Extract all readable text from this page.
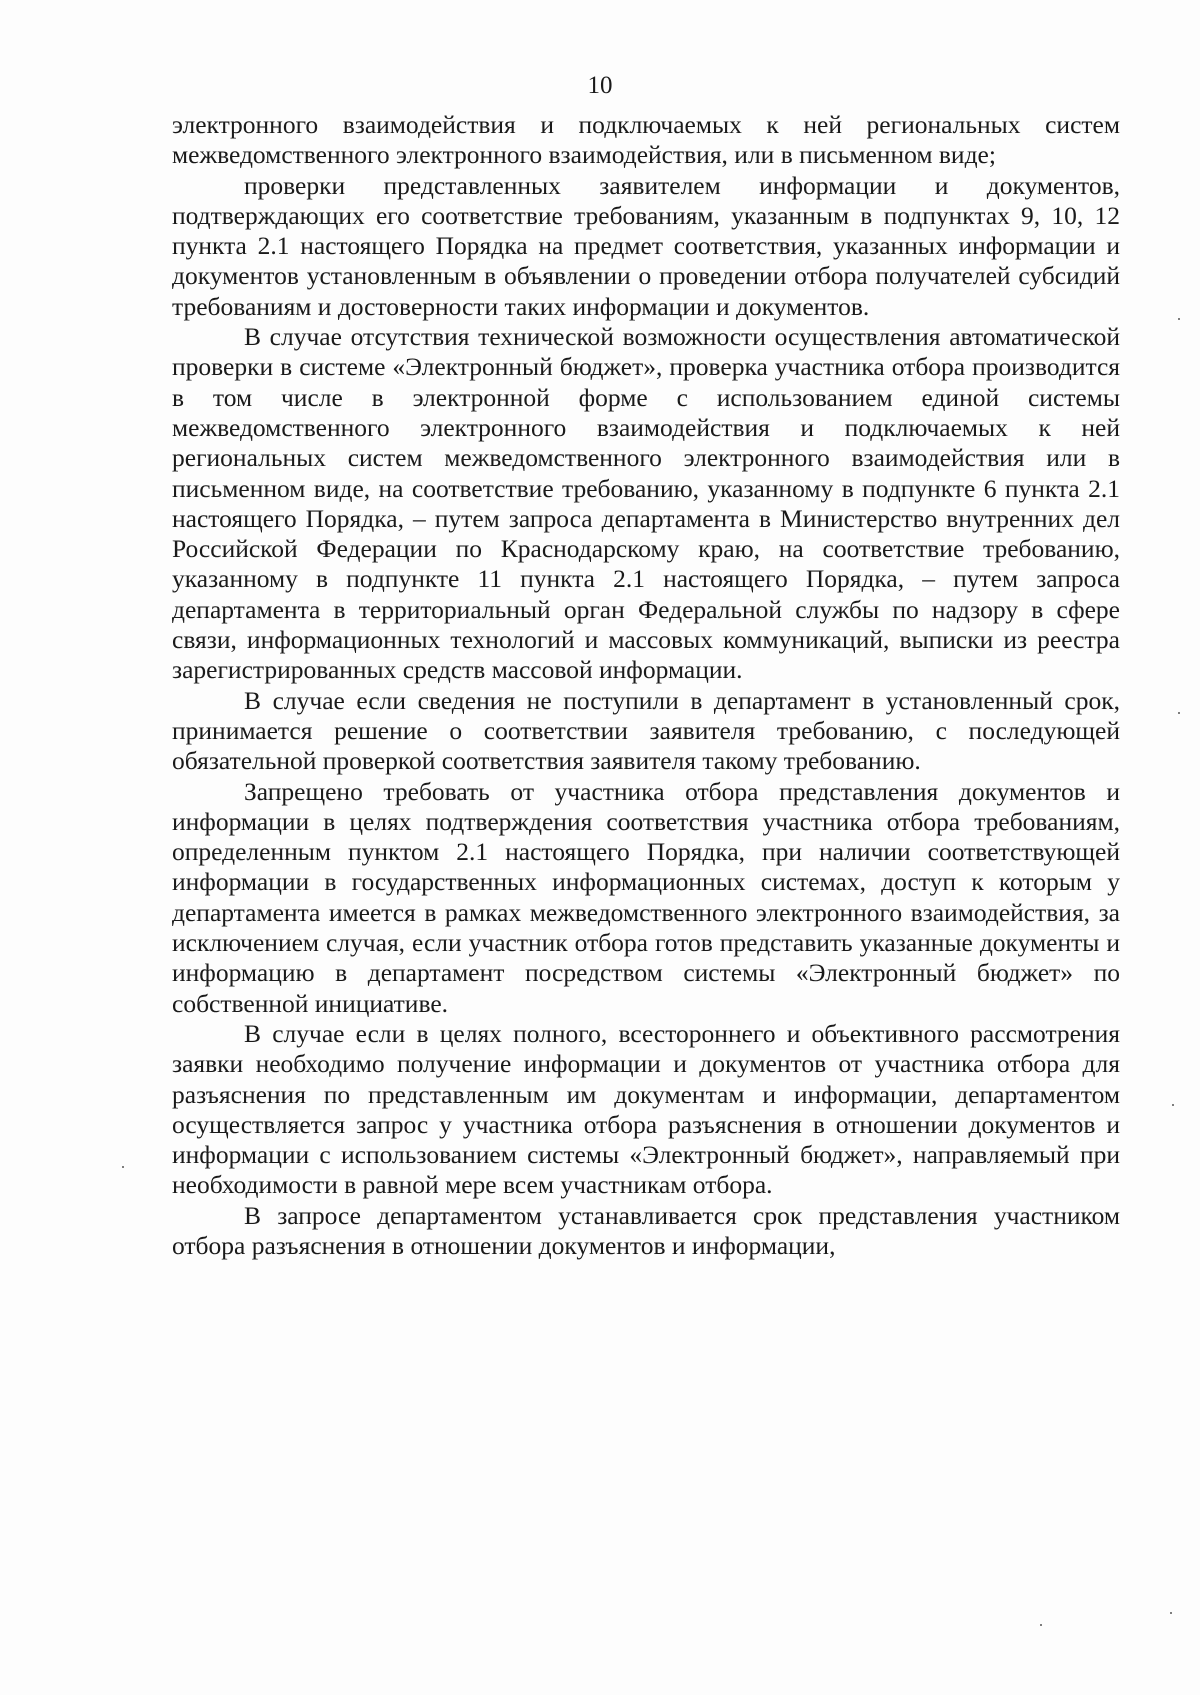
10

электронного взаимодействия и подключаемых к ней региональных систем межведомственного электронного взаимодействия, или в письменном виде;

проверки представленных заявителем информации и документов, подтверждающих его соответствие требованиям, указанным в подпунктах 9, 10, 12 пункта 2.1 настоящего Порядка на предмет соответствия, указанных информации и документов установленным в объявлении о проведении отбора получателей субсидий требованиям и достоверности таких информации и документов.

В случае отсутствия технической возможности осуществления автоматической проверки в системе «Электронный бюджет», проверка участника отбора производится в том числе в электронной форме с использованием единой системы межведомственного электронного взаимодействия и подключаемых к ней региональных систем межведомственного электронного взаимодействия или в письменном виде, на соответствие требованию, указанному в подпункте 6 пункта 2.1 настоящего Порядка, – путем запроса департамента в Министерство внутренних дел Российской Федерации по Краснодарскому краю, на соответствие требованию, указанному в подпункте 11 пункта 2.1 настоящего Порядка, – путем запроса департамента в территориальный орган Федеральной службы по надзору в сфере связи, информационных технологий и массовых коммуникаций, выписки из реестра зарегистрированных средств массовой информации.

В случае если сведения не поступили в департамент в установленный срок, принимается решение о соответствии заявителя требованию, с последующей обязательной проверкой соответствия заявителя такому требованию.

Запрещено требовать от участника отбора представления документов и информации в целях подтверждения соответствия участника отбора требованиям, определенным пунктом 2.1 настоящего Порядка, при наличии соответствующей информации в государственных информационных системах, доступ к которым у департамента имеется в рамках межведомственного электронного взаимодействия, за исключением случая, если участник отбора готов представить указанные документы и информацию в департамент посредством системы «Электронный бюджет» по собственной инициативе.

В случае если в целях полного, всестороннего и объективного рассмотрения заявки необходимо получение информации и документов от участника отбора для разъяснения по представленным им документам и информации, департаментом осуществляется запрос у участника отбора разъяснения в отношении документов и информации с использованием системы «Электронный бюджет», направляемый при необходимости в равной мере всем участникам отбора.

В запросе департаментом устанавливается срок представления участником отбора разъяснения в отношении документов и информации,
